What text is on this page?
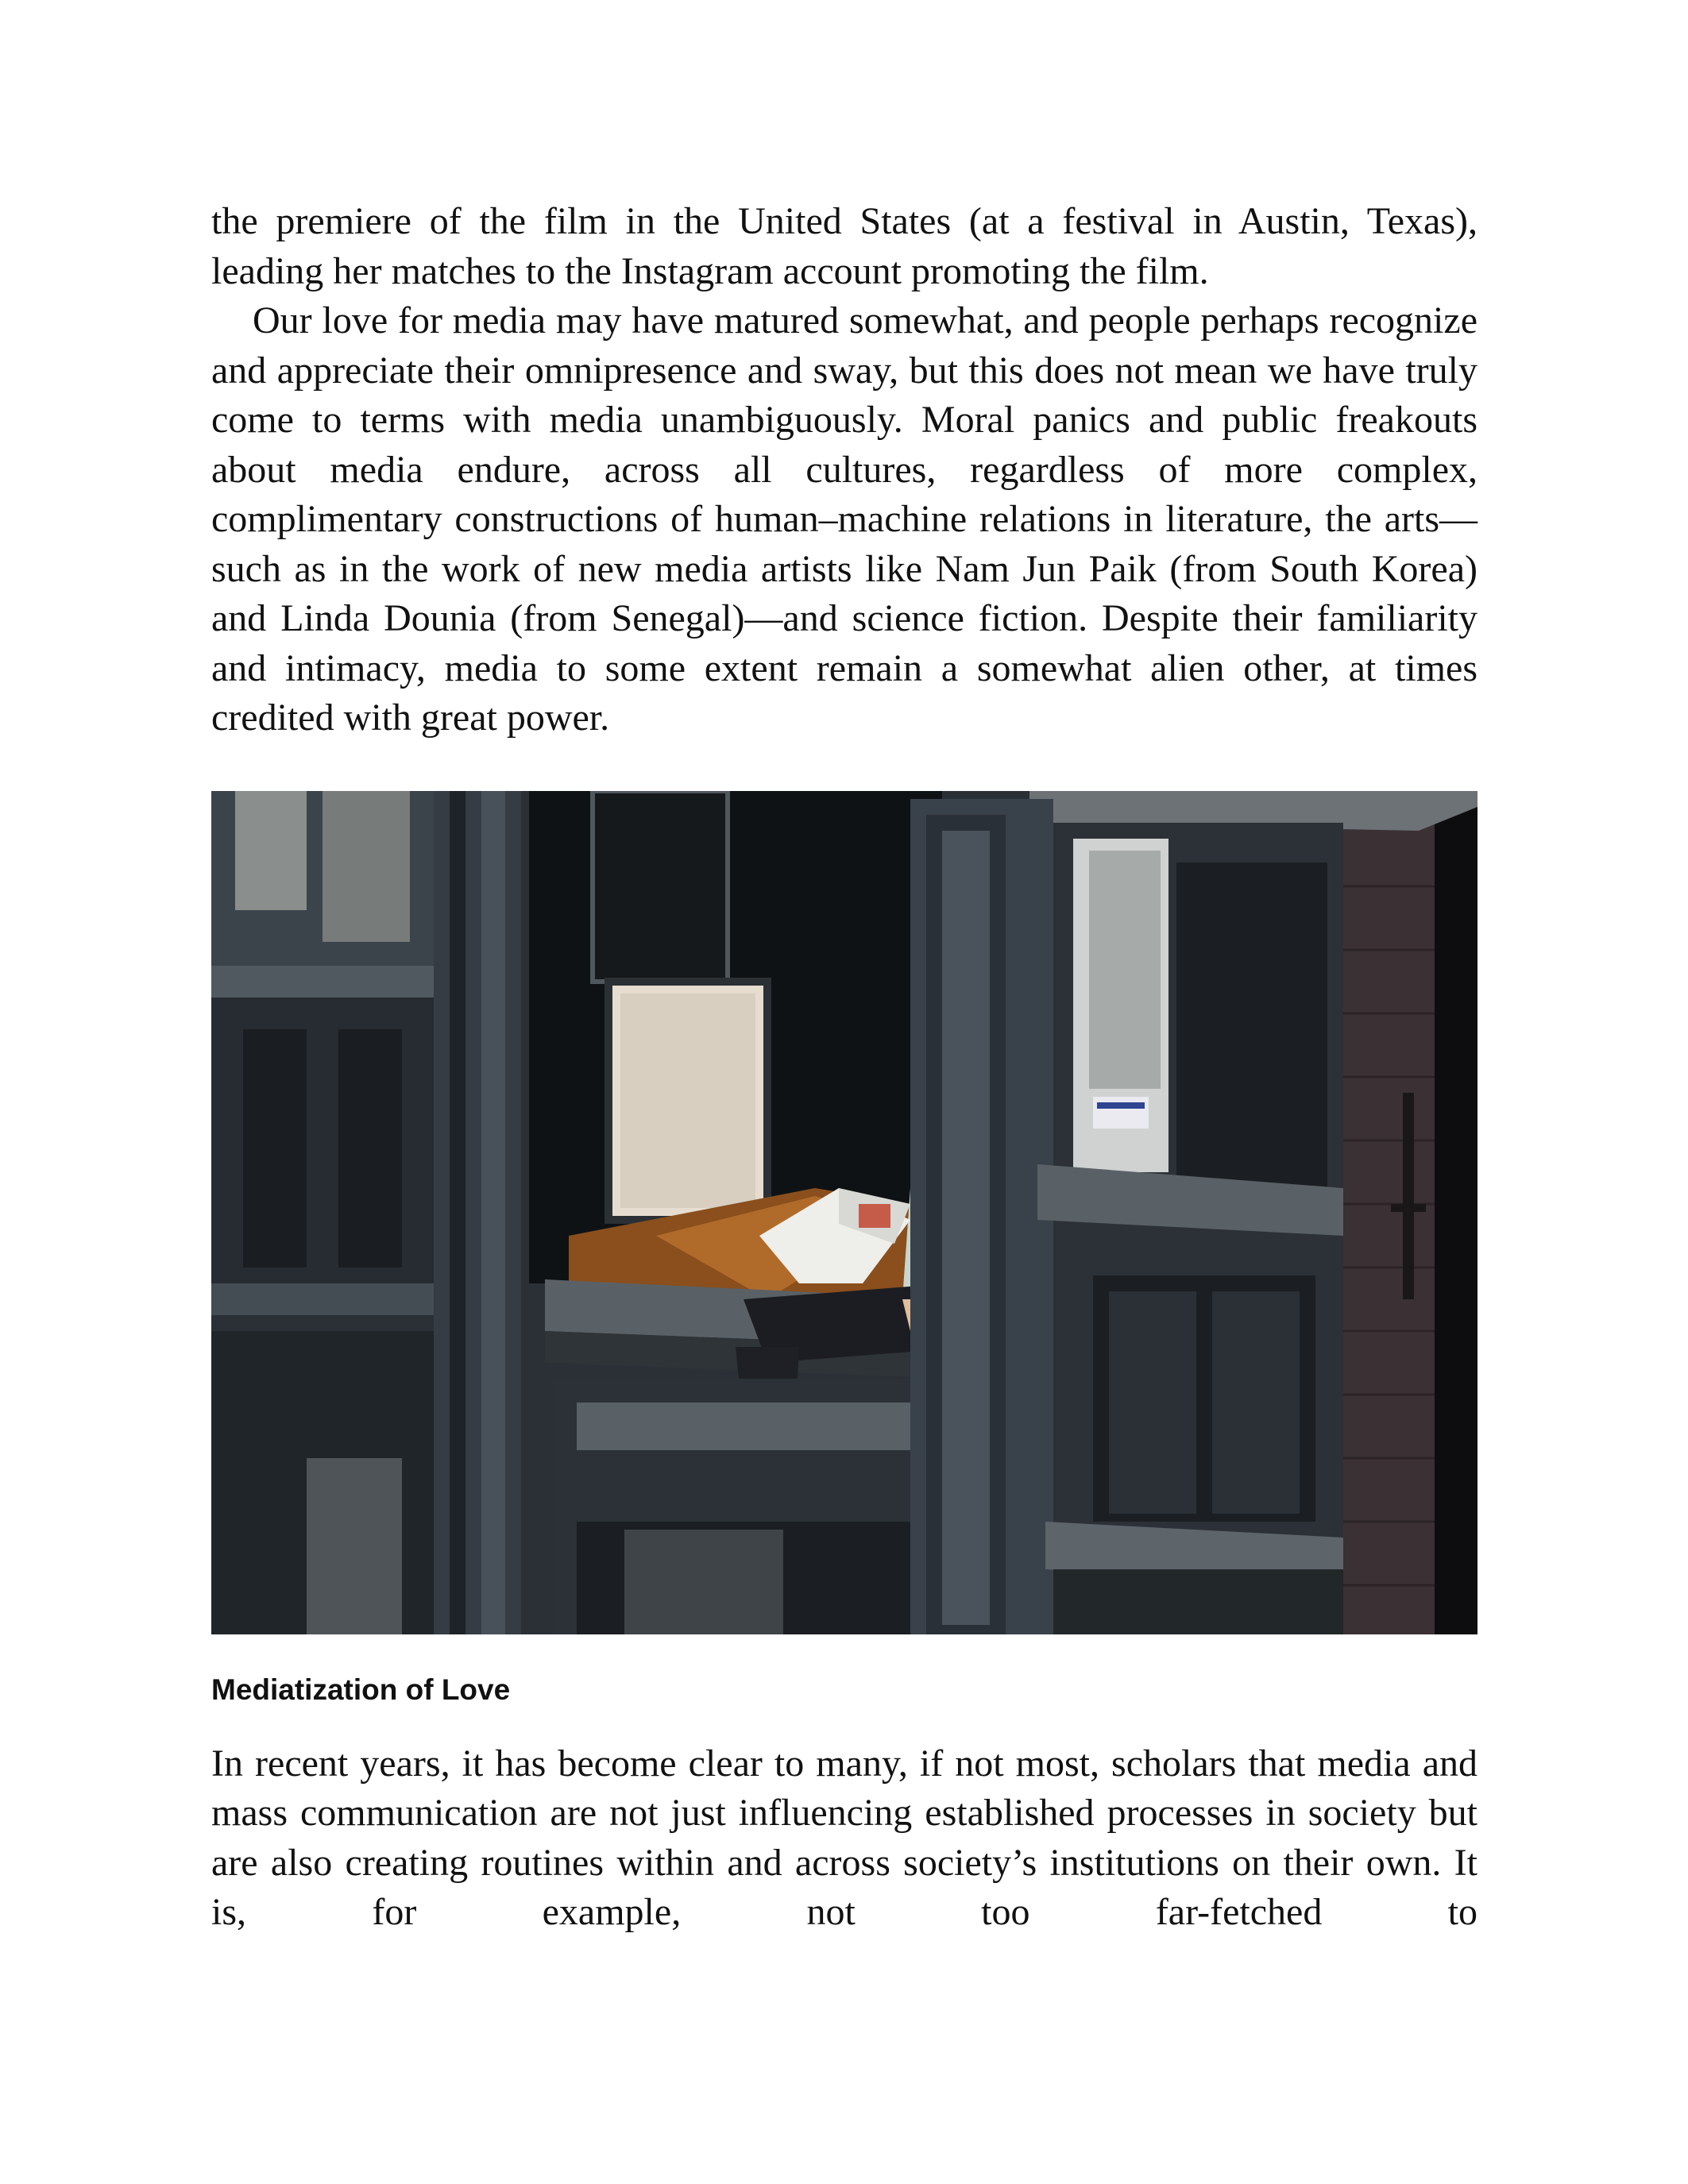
the premiere of the film in the United States (at a festival in Austin, Texas), leading her matches to the Instagram account promoting the film.

Our love for media may have matured somewhat, and people perhaps recognize and appreciate their omnipresence and sway, but this does not mean we have truly come to terms with media unambiguously. Moral panics and public freakouts about media endure, across all cultures, regardless of more complex, complimentary constructions of human–machine relations in literature, the arts—such as in the work of new media artists like Nam Jun Paik (from South Korea) and Linda Dounia (from Senegal)—and science fiction. Despite their familiarity and intimacy, media to some extent remain a somewhat alien other, at times credited with great power.

Mediatization of Love

In recent years, it has become clear to many, if not most, scholars that media and mass communication are not just influencing established processes in society but are also creating routines within and across society’s institutions on their own. It is, for example, not too far-fetched to
